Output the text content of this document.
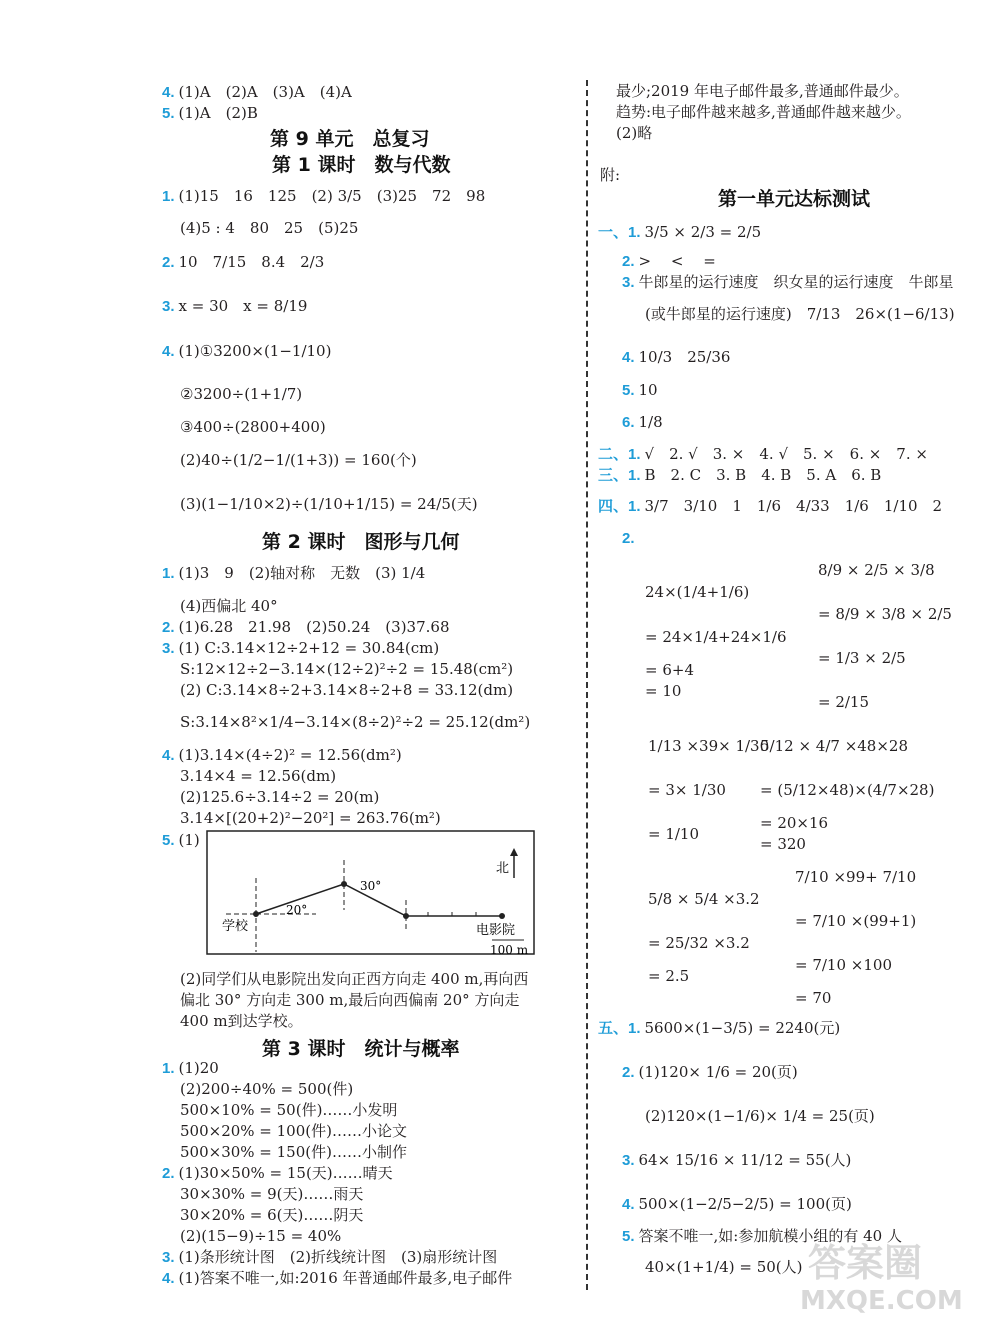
4. (1)A　(2)A　(3)A　(4)A
5. (1)A　(2)B
1. (1)15　16　125　(2) 3/5　(3)25　72　98
(4)5 : 4　80　25　(5)25
2. 10　7/15　8.4　2/3
3. x = 30　x = 8/19
4. (1)①3200×(1−1/10)
②3200÷(1+1/7)
③400÷(2800+400)
(2)40÷(1/2−1/(1+3)) = 160(个)
(3)(1−1/10×2)÷(1/10+1/15) = 24/5(天)
1. (1)3　9　(2)轴对称　无数　(3) 1/4
(4)西偏北 40°
2. (1)6.28　21.98　(2)50.24　(3)37.68
3. (1) C:3.14×12÷2+12 = 30.84(cm)
S:12×12÷2−3.14×(12÷2)²÷2 = 15.48(cm²)
(2) C:3.14×8÷2+3.14×8÷2+8 = 33.12(dm)
S:3.14×8²×1/4−3.14×(8÷2)²÷2 = 25.12(dm²)
4. (1)3.14×(4÷2)² = 12.56(dm²)
3.14×4 = 12.56(dm)
(2)125.6÷3.14÷2 = 20(m)
3.14×[(20+2)²−20²] = 263.76(m²)
5. (1)
(2)同学们从电影院出发向正西方向走 400 m,再向西
偏北 30° 方向走 300 m,最后向西偏南 20° 方向走
400 m到达学校。
1. (1)20
(2)200÷40% = 500(件)
500×10% = 50(件)……小发明
500×20% = 100(件)……小论文
500×30% = 150(件)……小制作
2. (1)30×50% = 15(天)……晴天
30×30% = 9(天)……雨天
30×20% = 6(天)……阴天
(2)(15−9)÷15 = 40%
3. (1)条形统计图　(2)折线统计图　(3)扇形统计图
4. (1)答案不唯一,如:2016 年普通邮件最多,电子邮件
第 9 单元　总复习
第 1 课时　数与代数
第 2 课时　图形与几何
第 3 课时　统计与概率
最少;2019 年电子邮件最多,普通邮件最少。
趋势:电子邮件越来越多,普通邮件越来越少。
(2)略
附:
一、1. 3/5 × 2/3 = 2/5
2. > 　<　 =
3. 牛郎星的运行速度　织女星的运行速度　牛郎星
(或牛郎星的运行速度)　7/13　26×(1−6/13)
4. 10/3　25/36
5. 10
6. 1/8
二、1. √　2. √　3. ×　4. √　5. ×　6. ×　7. ×
三、1. B　2. C　3. B　4. B　5. A　6. B
四、1. 3/7　3/10　1　1/6　4/33　1/6　1/10　2
2.
24×(1/4+1/6)
= 24×1/4+24×1/6
= 6+4
= 10
8/9 × 2/5 × 3/8
= 8/9 × 3/8 × 2/5
= 1/3 × 2/5
= 2/15
1/13 ×39× 1/30
= 3× 1/30
= 1/10
5/12 × 4/7 ×48×28
= (5/12×48)×(4/7×28)
= 20×16
= 320
5/8 × 5/4 ×3.2
= 25/32 ×3.2
= 2.5
7/10 ×99+ 7/10
= 7/10 ×(99+1)
= 7/10 ×100
= 70
五、1. 5600×(1−3/5) = 2240(元)
2. (1)120× 1/6 = 20(页)
(2)120×(1−1/6)× 1/4 = 25(页)
3. 64× 15/16 × 11/12 = 55(人)
4. 500×(1−2/5−2/5) = 100(页)
5. 答案不唯一,如:参加航模小组的有 40 人
40×(1+1/4) = 50(人)
第一单元达标测试
北
学校	电影院
100 m
20°
30°
答案圈
MXQE.COM
